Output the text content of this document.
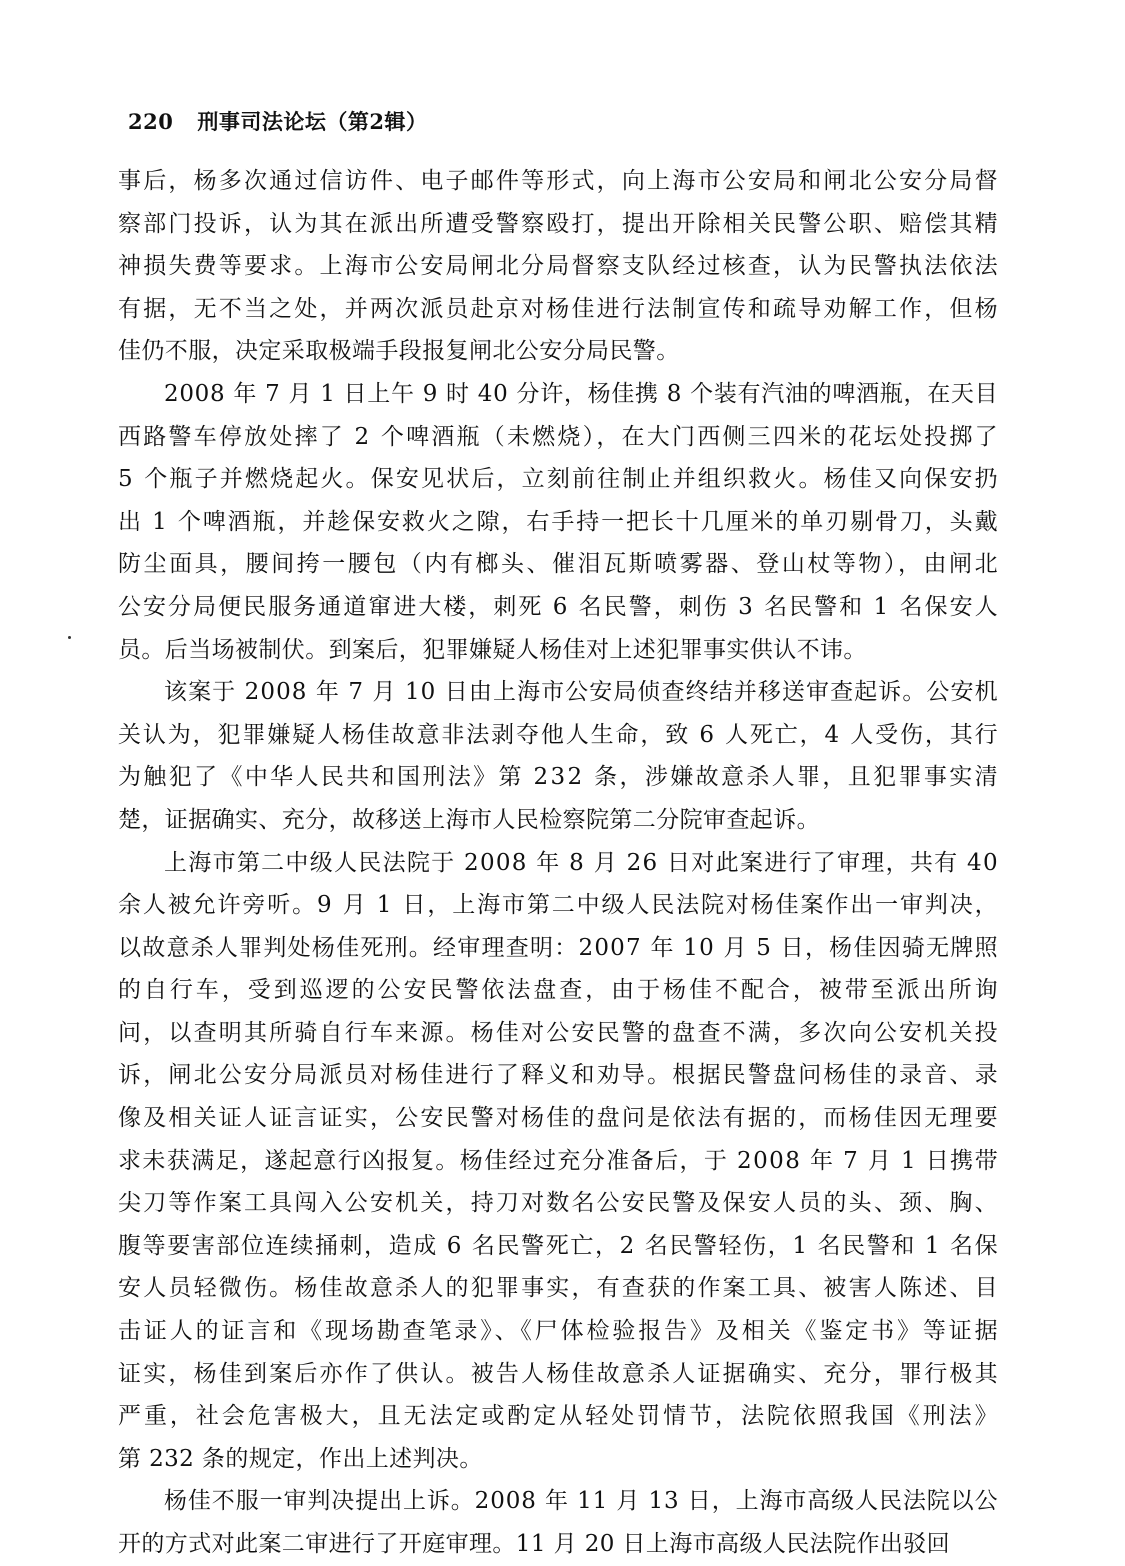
220 刑事司法论坛（第2辑）

事后，杨多次通过信访件、电子邮件等形式，向上海市公安局和闸北公安分局督

察部门投诉，认为其在派出所遭受警察殴打，提出开除相关民警公职、赔偿其精

神损失费等要求。上海市公安局闸北分局督察支队经过核查，认为民警执法依法

有据，无不当之处，并两次派员赴京对杨佳进行法制宣传和疏导劝解工作，但杨

佳仍不服，决定采取极端手段报复闸北公安分局民警。

2008 年 7 月 1 日上午 9 时 40 分许，杨佳携 8 个装有汽油的啤酒瓶，在天目

西路警车停放处摔了 2 个啤酒瓶（未燃烧），在大门西侧三四米的花坛处投掷了

5 个瓶子并燃烧起火。保安见状后，立刻前往制止并组织救火。杨佳又向保安扔

出 1 个啤酒瓶，并趁保安救火之隙，右手持一把长十几厘米的单刃剔骨刀，头戴

防尘面具，腰间挎一腰包（内有榔头、催泪瓦斯喷雾器、登山杖等物），由闸北

公安分局便民服务通道窜进大楼，刺死 6 名民警，刺伤 3 名民警和 1 名保安人

员。后当场被制伏。到案后，犯罪嫌疑人杨佳对上述犯罪事实供认不讳。

该案于 2008 年 7 月 10 日由上海市公安局侦查终结并移送审查起诉。公安机

关认为，犯罪嫌疑人杨佳故意非法剥夺他人生命，致 6 人死亡，4 人受伤，其行

为触犯了《中华人民共和国刑法》第 232 条，涉嫌故意杀人罪，且犯罪事实清

楚，证据确实、充分，故移送上海市人民检察院第二分院审查起诉。

上海市第二中级人民法院于 2008 年 8 月 26 日对此案进行了审理，共有 40

余人被允许旁听。9 月 1 日，上海市第二中级人民法院对杨佳案作出一审判决，

以故意杀人罪判处杨佳死刑。经审理查明：2007 年 10 月 5 日，杨佳因骑无牌照

的自行车，受到巡逻的公安民警依法盘查，由于杨佳不配合，被带至派出所询

问，以查明其所骑自行车来源。杨佳对公安民警的盘查不满，多次向公安机关投

诉，闸北公安分局派员对杨佳进行了释义和劝导。根据民警盘问杨佳的录音、录

像及相关证人证言证实，公安民警对杨佳的盘问是依法有据的，而杨佳因无理要

求未获满足，遂起意行凶报复。杨佳经过充分准备后，于 2008 年 7 月 1 日携带

尖刀等作案工具闯入公安机关，持刀对数名公安民警及保安人员的头、颈、胸、

腹等要害部位连续捅刺，造成 6 名民警死亡，2 名民警轻伤，1 名民警和 1 名保

安人员轻微伤。杨佳故意杀人的犯罪事实，有查获的作案工具、被害人陈述、目

击证人的证言和《现场勘查笔录》、《尸体检验报告》及相关《鉴定书》等证据

证实，杨佳到案后亦作了供认。被告人杨佳故意杀人证据确实、充分，罪行极其

严重，社会危害极大，且无法定或酌定从轻处罚情节，法院依照我国《刑法》

第 232 条的规定，作出上述判决。

杨佳不服一审判决提出上诉。2008 年 11 月 13 日，上海市高级人民法院以公

开的方式对此案二审进行了开庭审理。11 月 20 日上海市高级人民法院作出驳回
